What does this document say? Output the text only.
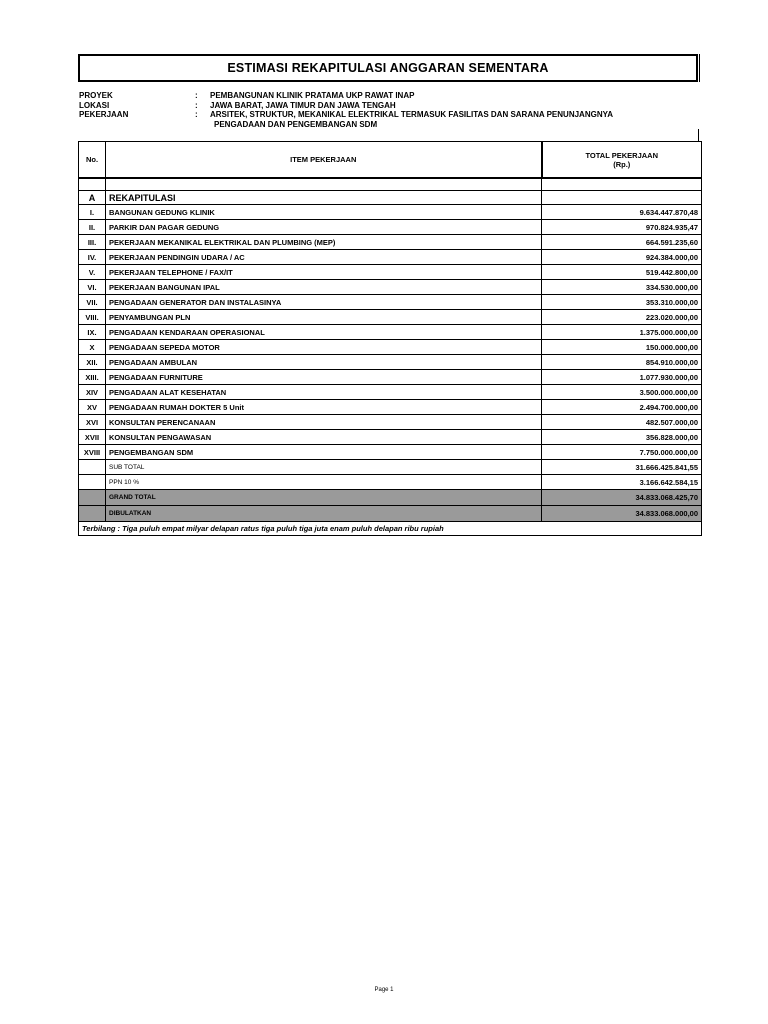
ESTIMASI REKAPITULASI ANGGARAN SEMENTARA
PROYEK	:	PEMBANGUNAN KLINIK PRATAMA UKP RAWAT INAP
LOKASI	:	JAWA BARAT, JAWA TIMUR DAN JAWA TENGAH
PEKERJAAN	:	ARSITEK, STRUKTUR, MEKANIKAL ELEKTRIKAL TERMASUK FASILITAS DAN SARANA PENUNJANGNYA
PENGADAAN DAN PENGEMBANGAN SDM
No.	ITEM PEKERJAAN	TOTAL PEKERJAAN
(Rp.)

A	REKAPITULASI	
I.	BANGUNAN GEDUNG KLINIK	9.634.447.870,48
II.	PARKIR DAN PAGAR GEDUNG	970.824.935,47
III.	PEKERJAAN MEKANIKAL ELEKTRIKAL DAN PLUMBING (MEP)	664.591.235,60
IV.	PEKERJAAN PENDINGIN UDARA / AC	924.384.000,00
V.	PEKERJAAN TELEPHONE / FAX/IT	519.442.800,00
VI.	PEKERJAAN BANGUNAN IPAL	334.530.000,00
VII.	PENGADAAN GENERATOR DAN INSTALASINYA	353.310.000,00
VIII.	PENYAMBUNGAN PLN	223.020.000,00
IX.	PENGADAAN KENDARAAN OPERASIONAL	1.375.000.000,00
X	PENGADAAN SEPEDA MOTOR	150.000.000,00
XII.	PENGADAAN AMBULAN	854.910.000,00
XIII.	PENGADAAN FURNITURE	1.077.930.000,00
XIV	PENGADAAN ALAT KESEHATAN	3.500.000.000,00
XV	PENGADAAN RUMAH DOKTER 5 Unit	2.494.700.000,00
XVI	KONSULTAN PERENCANAAN	482.507.000,00
XVII	KONSULTAN PENGAWASAN	356.828.000,00
XVIII	PENGEMBANGAN SDM	7.750.000.000,00
	SUB TOTAL	31.666.425.841,55
	PPN 10 %	3.166.642.584,15
	GRAND TOTAL	34.833.068.425,70
	DIBULATKAN	34.833.068.000,00
Terbilang : Tiga puluh empat milyar delapan ratus tiga puluh tiga juta enam puluh delapan ribu rupiah		
Page 1
